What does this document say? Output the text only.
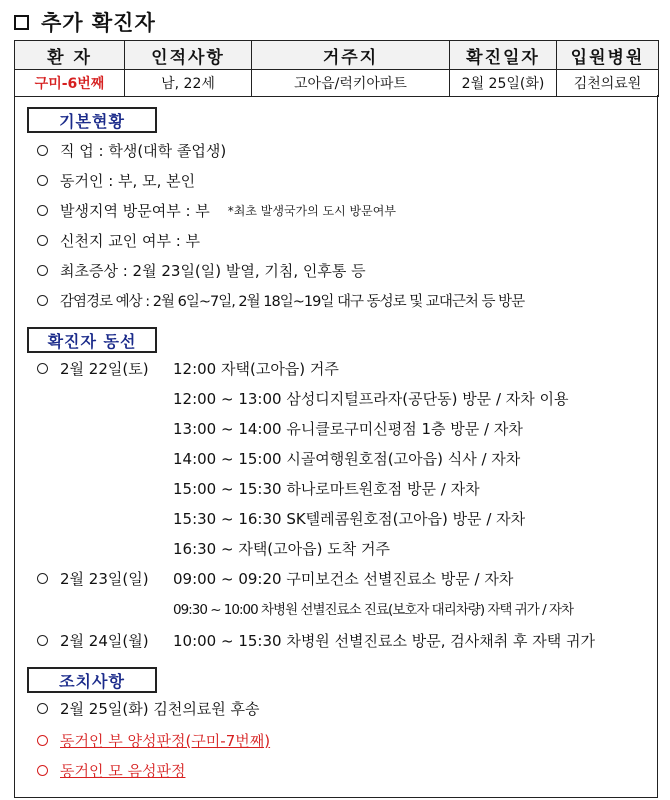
추가 확진자
환 자	인적사항	거주지	확진일자	입원병원
구미-6번째	남, 22세	고아읍/럭키아파트	2월 25일(화)	김천의료원
기본현황
직 업 : 학생(대학 졸업생)
동거인 : 부, 모, 본인
발생지역 방문여부 : 부 *최초 발생국가의 도시 방문여부
신천지 교인 여부 : 부
최초증상 : 2월 23일(일) 발열, 기침, 인후통 등
감염경로 예상 : 2월 6일~7일, 2월 18일~19일 대구 동성로 및 교대근처 등 방문
확진자 동선
2월 22일(토) 12:00 자택(고아읍) 거주
12:00 ~ 13:00 삼성디지털프라자(공단동) 방문 / 자차 이용
13:00 ~ 14:00 유니클로구미신평점 1층 방문 / 자차
14:00 ~ 15:00 시골여행원호점(고아읍) 식사 / 자차
15:00 ~ 15:30 하나로마트원호점 방문 / 자차
15:30 ~ 16:30 SK텔레콤원호점(고아읍) 방문 / 자차
16:30 ~ 자택(고아읍) 도착 거주
2월 23일(일) 09:00 ~ 09:20 구미보건소 선별진료소 방문 / 자차
09:30 ~ 10:00 차병원 선별진료소 진료(보호자 대리차량) 자택 귀가 / 자차
2월 24일(월) 10:00 ~ 15:30 차병원 선별진료소 방문, 검사채취 후 자택 귀가
조치사항
2월 25일(화) 김천의료원 후송
동거인 부 양성판정(구미-7번째)
동거인 모 음성판정
